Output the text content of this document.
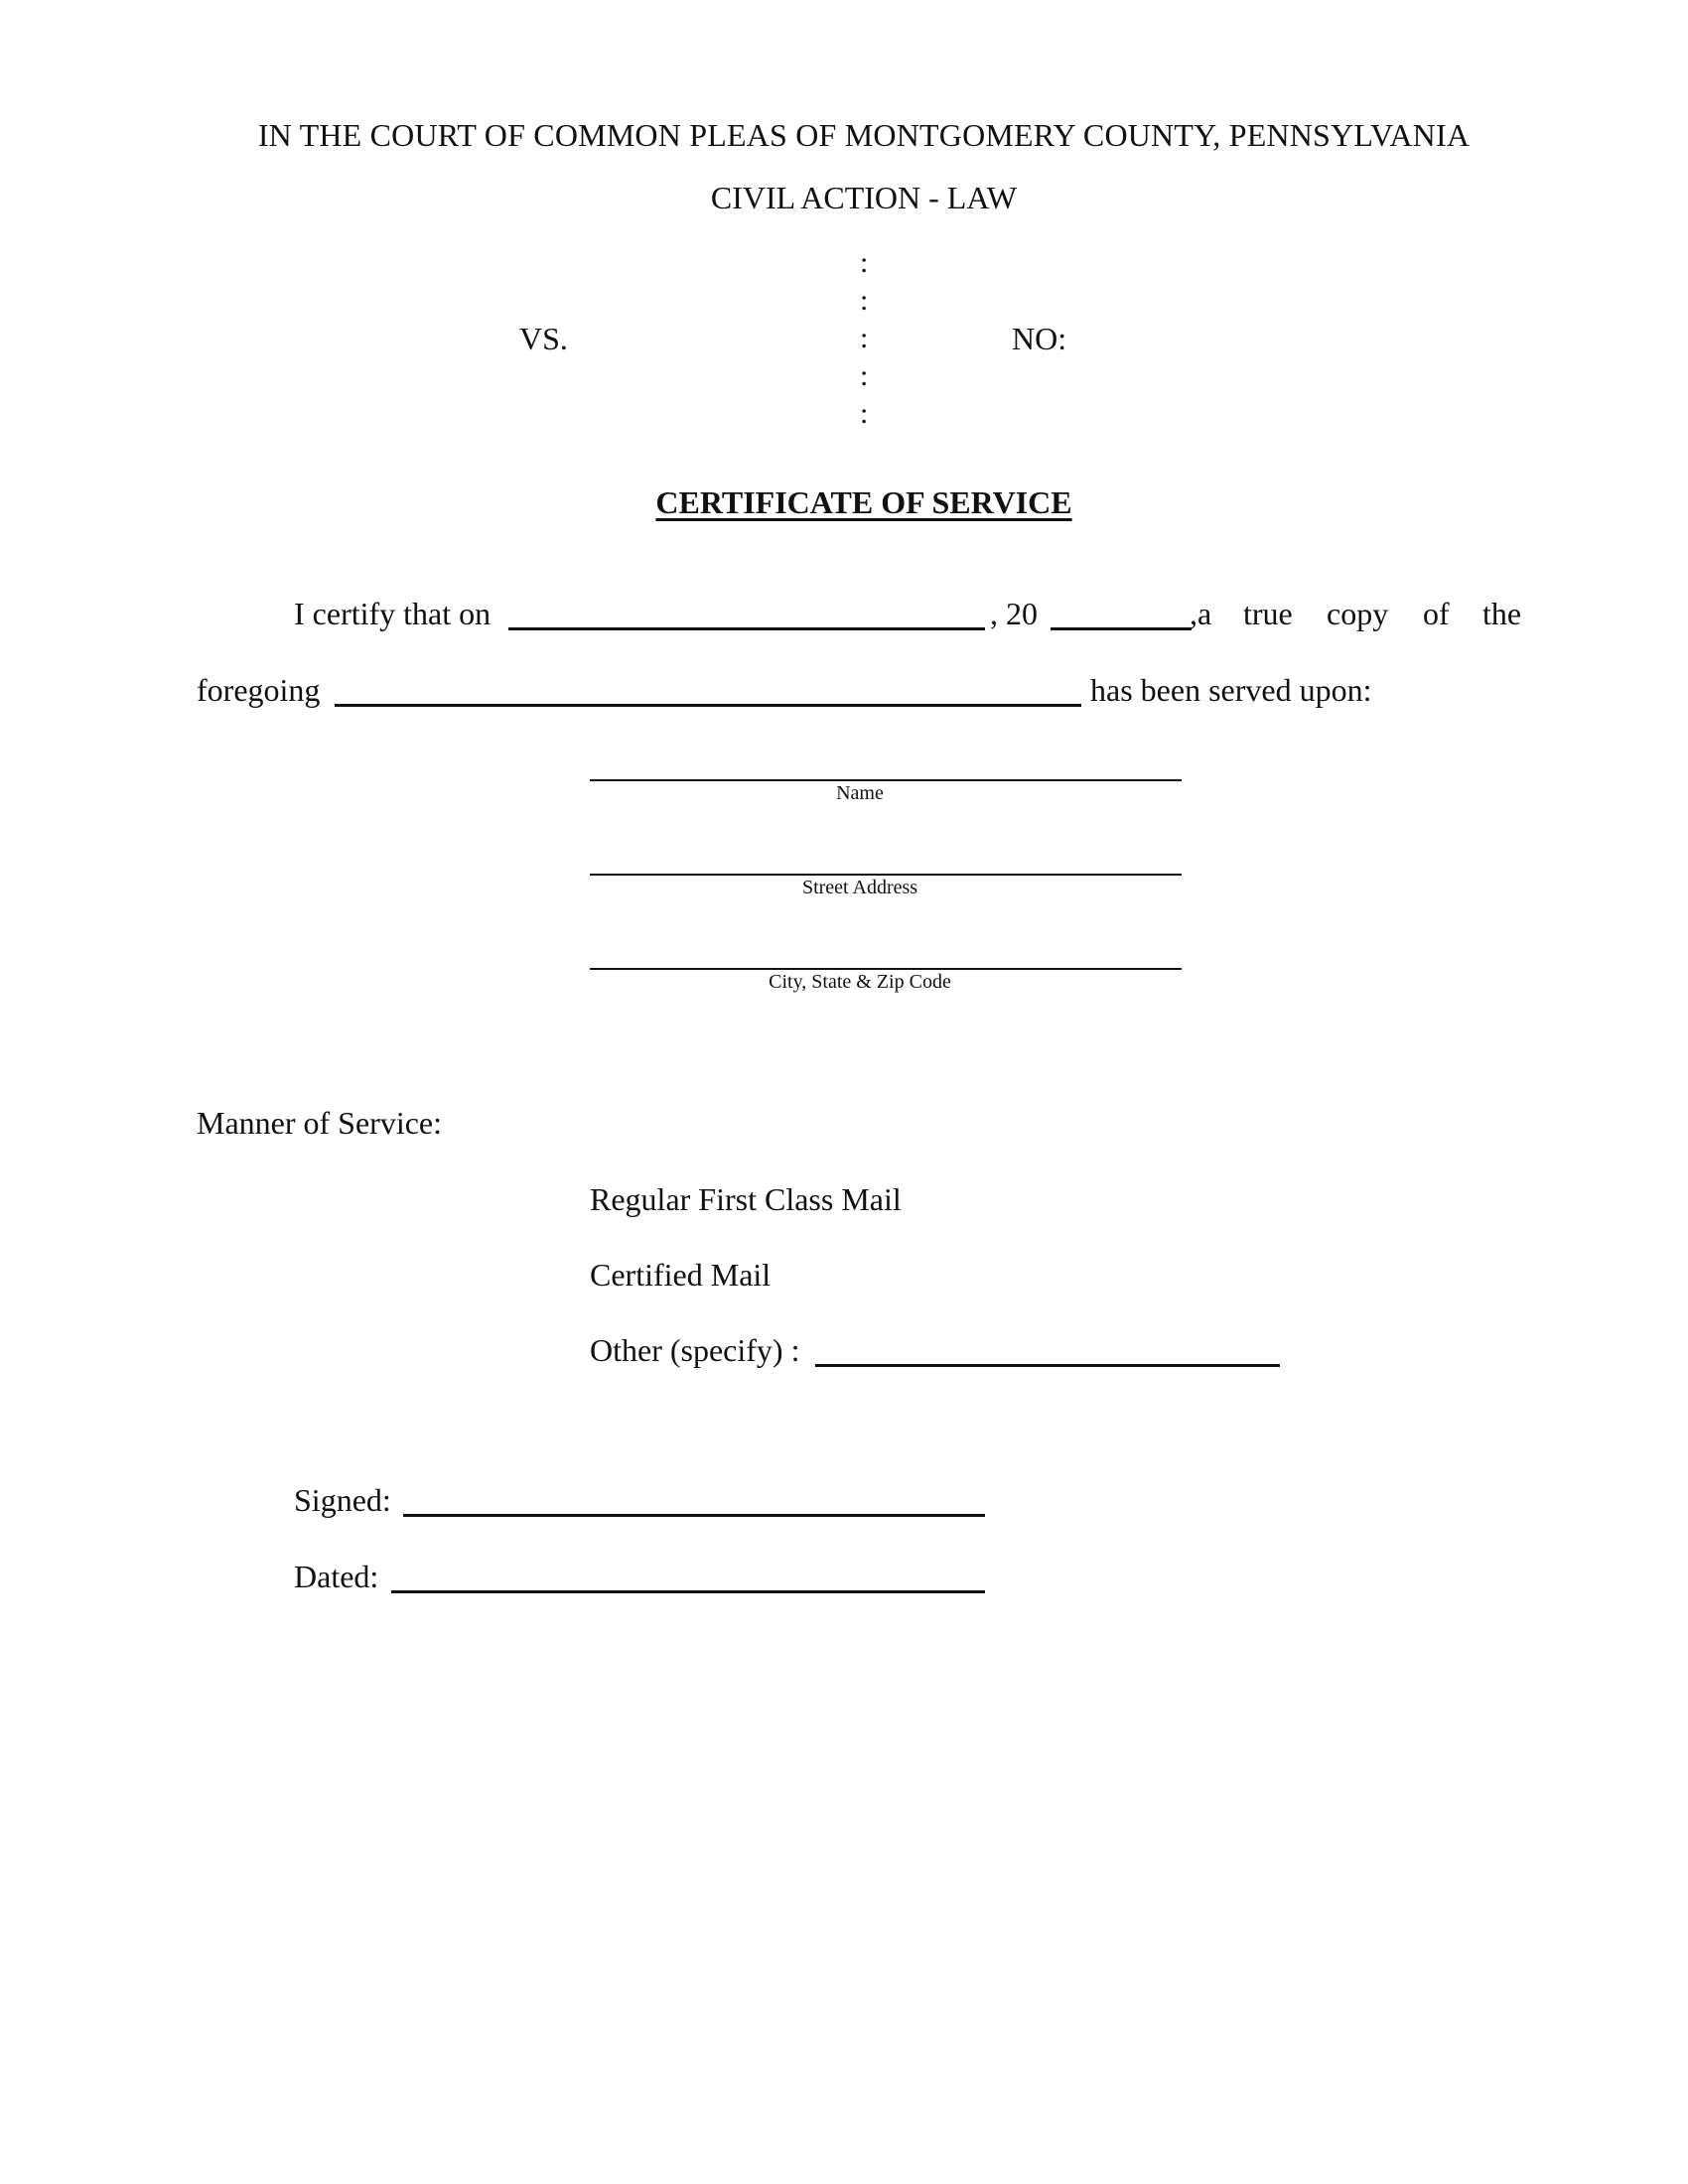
IN THE COURT OF COMMON PLEAS OF MONTGOMERY COUNTY, PENNSYLVANIA
CIVIL ACTION - LAW
:
:
:
:
:
VS.	NO:
CERTIFICATE OF SERVICE
I certify that on	, 20	,a true copy of the
foregoing	has been served upon:
Name
Street Address
City, State & Zip Code
Manner of Service:
Regular First Class Mail
Certified Mail
Other (specify) :
Signed:
Dated:
